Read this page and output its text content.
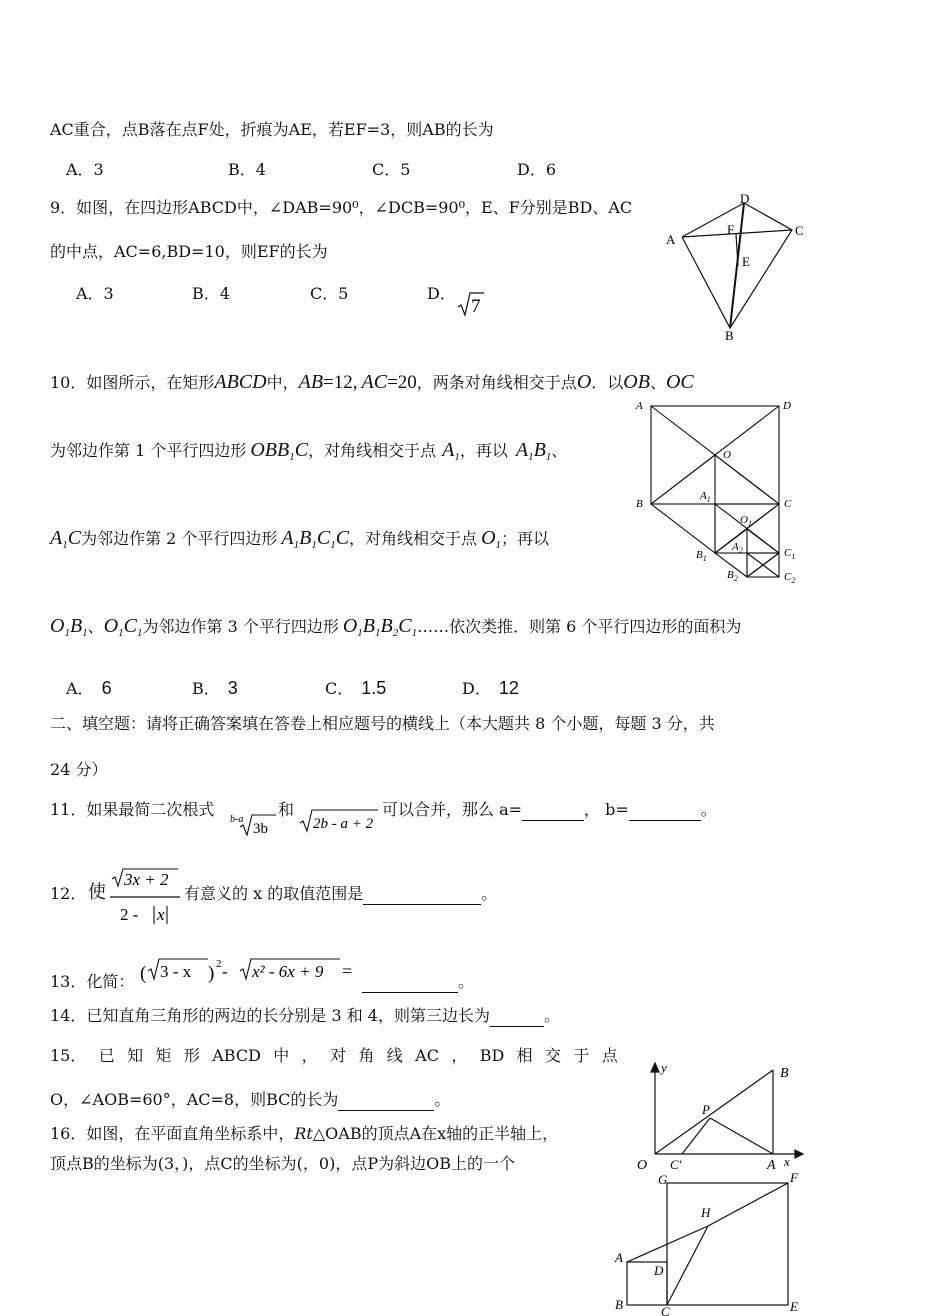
AC重合，点B落在点F处，折痕为AE，若EF=3，则AB的长为
A．3	B．4	C．5	D．6
9．如图，在四边形ABCD中，∠DAB=90⁰，∠DCB=90⁰，E、F分别是BD、AC
的中点，AC=6,BD=10，则EF的长为
A．3	B．4	C．5	D．
7
D
A
C
F
E
B
10．如图所示，在矩形ABCD中，AB=12, AC=20，两条对角线相交于点O．以OB、OC
为邻边作第 1 个平行四边形 $OBB_1C$，对角线相交于点 $A_1$，再以 $A_1B_1$、
$A_1C$为邻边作第 2 个平行四边形 $A_1B_1C_1C$，对角线相交于点 $O_1$；再以
$O_1B_1$、$O_1C_1$为邻边作第 3 个平行四边形 $O_1B_1B_2C_1\dots\dots$依次类推．则第 6 个平行四边形的面积为
A． 6	B． 3	C． 1.5	D． 12
A	D
O
B	C
$A_1$
$O_1$
$B_1$	$C_1$
$A_2$
$B_2$	$C_2$
二、填空题：请将正确答案填在答卷上相应题号的横线上（本大题共 8 个小题，每题 3 分，共
24 分）
11．如果最简二次根式
b-a
3b
和
2b - a + 2
可以合并，那么 a=	， b=	。
12． 使
3x + 2
2 - x
有意义的 x 的取值范围是	。
13．化简： ( 3 - x ) 2 - x² - 6x + 9 =
。
14．已知直角三角形的两边的长分别是 3 和 4，则第三边长为	。
15． 已 知 矩 形 ABCD 中 ， 对 角 线 AC ， BD 相 交 于 点
O，∠AOB=60°，AC=8，则BC的长为	。
y	B
P
O C'	A x
16．如图，在平面直角坐标系中，Rt△OAB的顶点A在x轴的正半轴上，
顶点B的坐标为(3，)，点C的坐标为(，0)，点P为斜边OB上的一个
G	F
H
A
D
B	C	E
